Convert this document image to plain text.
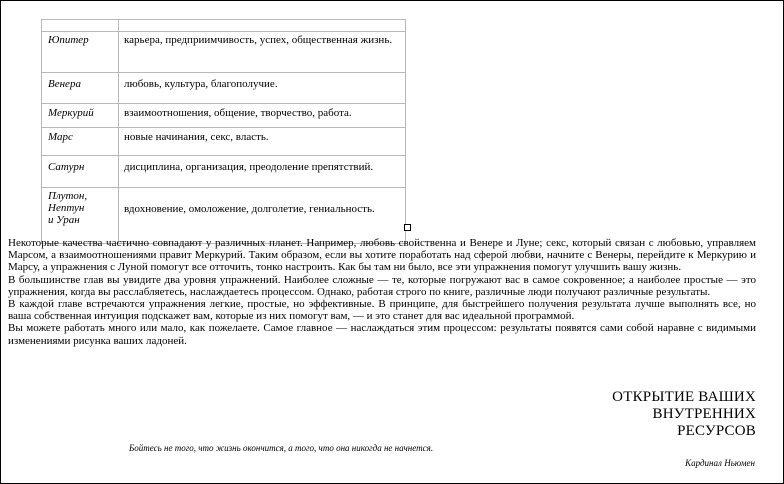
Юпитер	карьера, предприимчивость, успех, общественная жизнь.
Венера	любовь, культура, благополучие.
Меркурий	взаимоотношения, общение, творчество, работа.
Марс	новые начинания, секс, власть.
Сатурн	дисциплина, организация, преодоление препятствий.

Плутон,
Нептун
и Уран	вдохновение, омоложение, долголетие, гениальность.

Некоторые качества частично совпадают у различных планет. Например, любовь свойственна и Венере и Луне; секс, который связан с любовью, управляем Марсом, а взаимоотношениями правит Меркурий. Таким образом, если вы хотите поработать над сферой любви, начните с Венеры, перейдите к Меркурию и Марсу, а упражнения с Луной помогут все отточить, тонко настроить. Как бы там ни было, все эти упражнения помогут улучшить вашу жизнь.

В большинстве глав вы увидите два уровня упражнений. Наиболее сложные — те, которые погружают вас в самое сокровенное; а наиболее простые — это упражнения, когда вы расслабляетесь, наслаждаетесь процессом. Однако, работая строго по книге, различные люди получают различные результаты.

В каждой главе встречаются упражнения легкие, простые, но эффективные. В принципе, для быстрейшего получения результата лучше выполнять все, но ваша собственная интуиция подскажет вам, которые из них помогут вам, — и это станет для вас идеальной программой.

Вы можете работать много или мало, как пожелаете. Самое главное — наслаждаться этим процессом: результаты появятся сами собой наравне с видимыми изменениями рисунка ваших ладоней.

ОТКРЫТИЕ ВАШИХ
ВНУТРЕННИХ
РЕСУРСОВ
Бойтесь не того, что жизнь окончится, а того, что она никогда не начнется.
Кардинал Ньюмен
